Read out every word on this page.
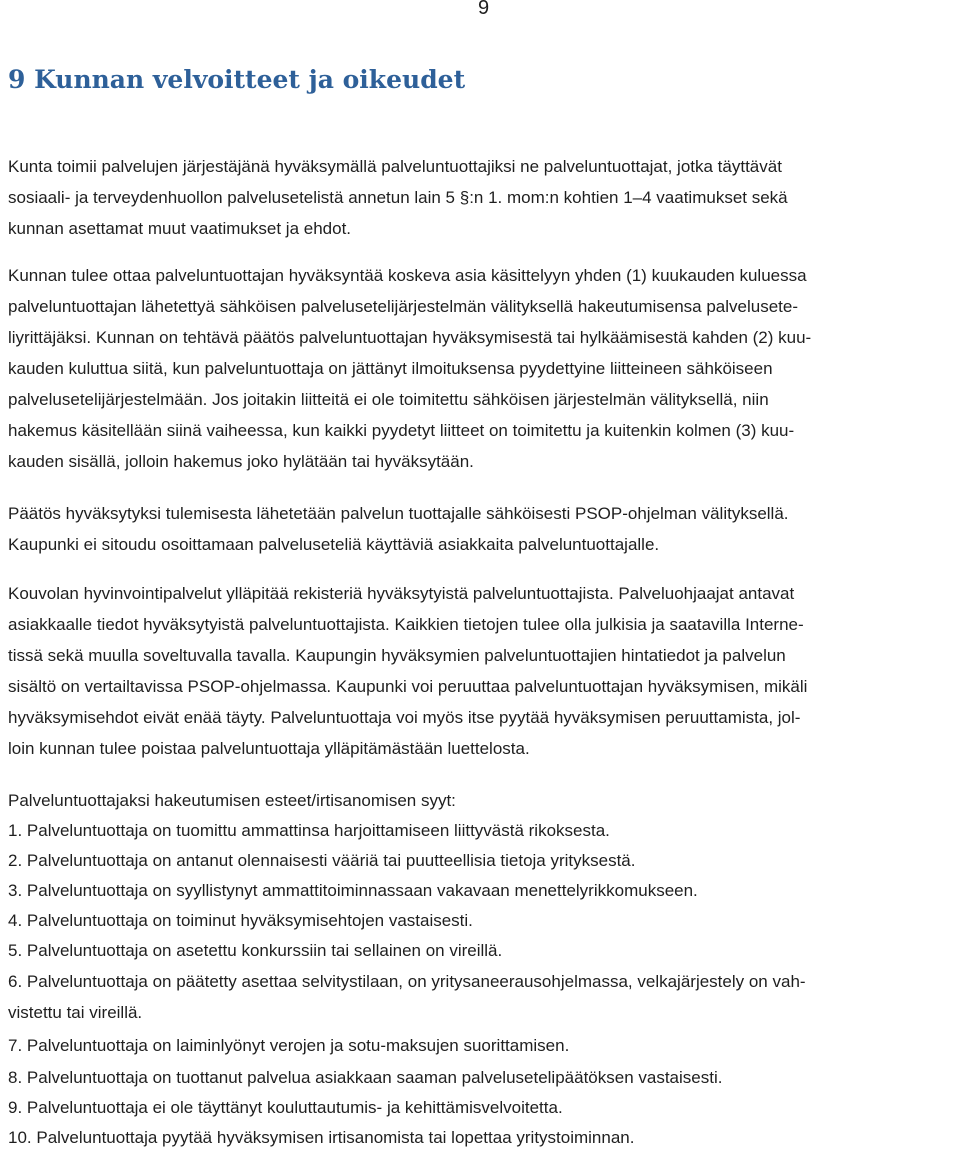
9
9 Kunnan velvoitteet ja oikeudet
Kunta toimii palvelujen järjestäjänä hyväksymällä palveluntuottajiksi ne palveluntuottajat, jotka täyttävät
sosiaali- ja terveydenhuollon palvelusetelistä annetun lain 5 §:n 1. mom:n kohtien 1–4 vaatimukset sekä
kunnan asettamat muut vaatimukset ja ehdot.
Kunnan tulee ottaa palveluntuottajan hyväksyntää koskeva asia käsittelyyn yhden (1) kuukauden kuluessa
palveluntuottajan lähetettyä sähköisen palvelusetelijärjestelmän välityksellä hakeutumisensa palvelusete-
liyrittäjäksi. Kunnan on tehtävä päätös palveluntuottajan hyväksymisestä tai hylkäämisestä kahden (2) kuu-
kauden kuluttua siitä, kun palveluntuottaja on jättänyt ilmoituksensa pyydettyine liitteineen sähköiseen
palvelusetelijärjestelmään. Jos joitakin liitteitä ei ole toimitettu sähköisen järjestelmän välityksellä, niin
hakemus käsitellään siinä vaiheessa, kun kaikki pyydetyt liitteet on toimitettu ja kuitenkin kolmen (3) kuu-
kauden sisällä, jolloin hakemus joko hylätään tai hyväksytään.
Päätös hyväksytyksi tulemisesta lähetetään palvelun tuottajalle sähköisesti PSOP-ohjelman välityksellä.
Kaupunki ei sitoudu osoittamaan palveluseteliä käyttäviä asiakkaita palveluntuottajalle.
Kouvolan hyvinvointipalvelut ylläpitää rekisteriä hyväksytyistä palveluntuottajista. Palveluohjaajat antavat
asiakkaalle tiedot hyväksytyistä palveluntuottajista. Kaikkien tietojen tulee olla julkisia ja saatavilla Interne-
tissä sekä muulla soveltuvalla tavalla. Kaupungin hyväksymien palveluntuottajien hintatiedot ja palvelun
sisältö on vertailtavissa PSOP-ohjelmassa. Kaupunki voi peruuttaa palveluntuottajan hyväksymisen, mikäli
hyväksymisehdot eivät enää täyty. Palveluntuottaja voi myös itse pyytää hyväksymisen peruuttamista, jol-
loin kunnan tulee poistaa palveluntuottaja ylläpitämästään luettelosta.
Palveluntuottajaksi hakeutumisen esteet/irtisanomisen syyt:
1. Palveluntuottaja on tuomittu ammattinsa harjoittamiseen liittyvästä rikoksesta.
2. Palveluntuottaja on antanut olennaisesti vääriä tai puutteellisia tietoja yrityksestä.
3. Palveluntuottaja on syyllistynyt ammattitoiminnassaan vakavaan menettelyrikkomukseen.
4. Palveluntuottaja on toiminut hyväksymisehtojen vastaisesti.
5. Palveluntuottaja on asetettu konkurssiin tai sellainen on vireillä.
6. Palveluntuottaja on päätetty asettaa selvitystilaan, on yritysaneerausohjelmassa, velkajärjestely on vah-
vistettu tai vireillä.
7. Palveluntuottaja on laiminlyönyt verojen ja sotu-maksujen suorittamisen.
8. Palveluntuottaja on tuottanut palvelua asiakkaan saaman palvelusetelipäätöksen vastaisesti.
9. Palveluntuottaja ei ole täyttänyt kouluttautumis- ja kehittämisvelvoitetta.
10. Palveluntuottaja pyytää hyväksymisen irtisanomista tai lopettaa yritystoiminnan.
